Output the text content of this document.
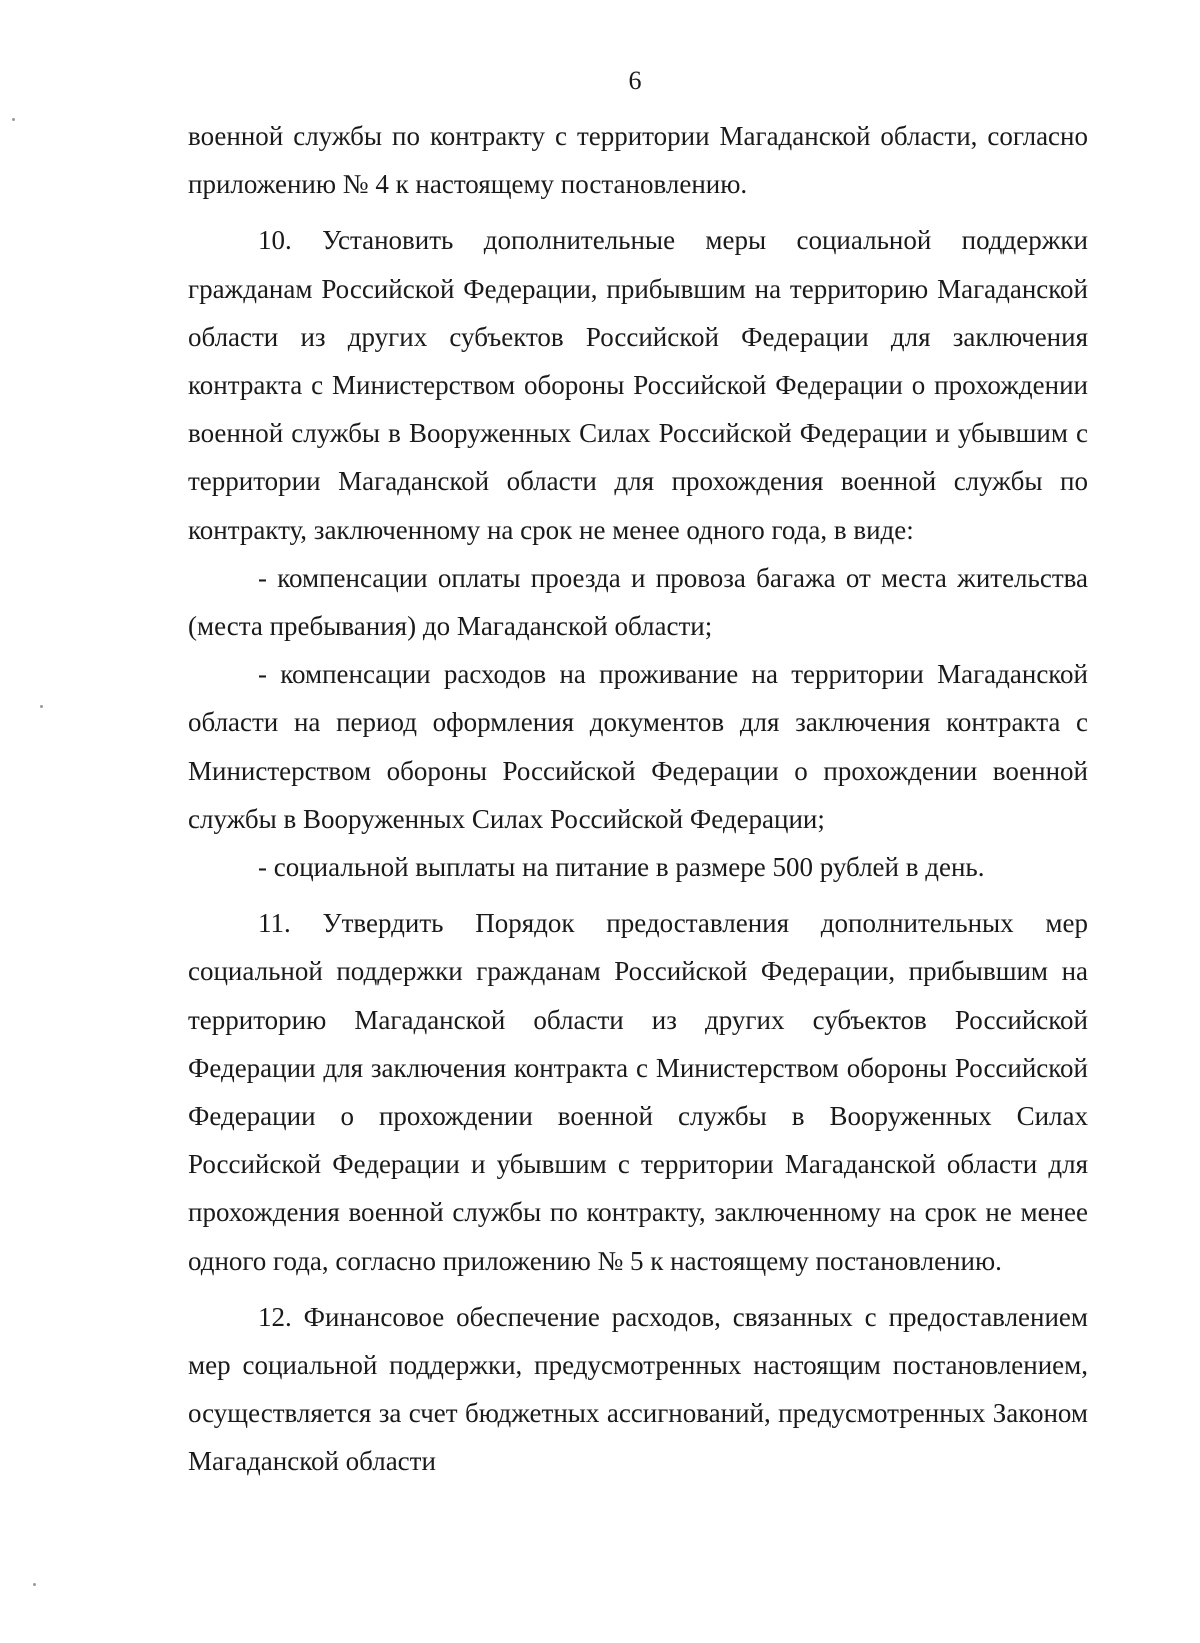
6

военной службы по контракту с территории Магаданской области, согласно приложению № 4 к настоящему постановлению.

10. Установить дополнительные меры социальной поддержки гражданам Российской Федерации, прибывшим на территорию Магаданской области из других субъектов Российской Федерации для заключения контракта с Министерством обороны Российской Федерации о прохождении военной службы в Вооруженных Силах Российской Федерации и убывшим с территории Магаданской области для прохождения военной службы по контракту, заключенному на срок не менее одного года, в виде:

- компенсации оплаты проезда и провоза багажа от места жительства (места пребывания) до Магаданской области;

- компенсации расходов на проживание на территории Магаданской области на период оформления документов для заключения контракта с Министерством обороны Российской Федерации о прохождении военной службы в Вооруженных Силах Российской Федерации;

- социальной выплаты на питание в размере 500 рублей в день.

11. Утвердить Порядок предоставления дополнительных мер социальной поддержки гражданам Российской Федерации, прибывшим на территорию Магаданской области из других субъектов Российской Федерации для заключения контракта с Министерством обороны Российской Федерации о прохождении военной службы в Вооруженных Силах Российской Федерации и убывшим с территории Магаданской области для прохождения военной службы по контракту, заключенному на срок не менее одного года, согласно приложению № 5 к настоящему постановлению.

12. Финансовое обеспечение расходов, связанных с предоставлением мер социальной поддержки, предусмотренных настоящим постановлением, осуществляется за счет бюджетных ассигнований, предусмотренных Законом Магаданской области
